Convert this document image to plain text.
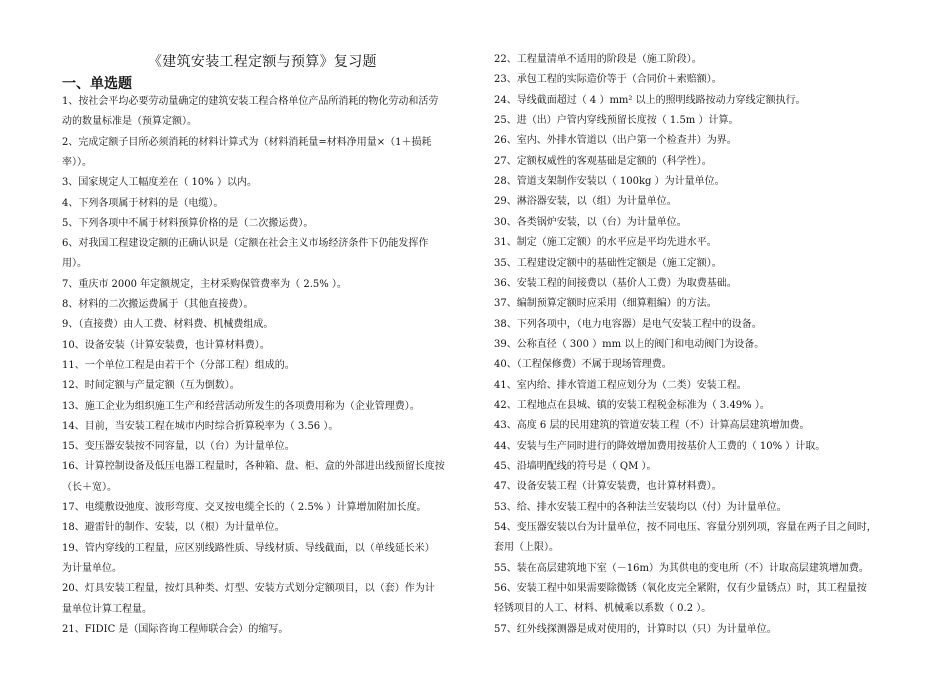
《建筑安装工程定额与预算》复习题
一、单选题
1、按社会平均必要劳动量确定的建筑安装工程合格单位产品所消耗的物化劳动和活劳
动的数量标准是（预算定额）。
2、完成定额子目所必须消耗的材料计算式为（材料消耗量=材料净用量×（1＋损耗
率））。
3、国家规定人工幅度差在（ 10% ）以内。
4、下列各项属于材料的是（电缆）。
5、下列各项中不属于材料预算价格的是（二次搬运费）。
6、对我国工程建设定额的正确认识是（定额在社会主义市场经济条件下仍能发挥作
用）。
7、重庆市 2000 年定额规定，主材采购保管费率为（ 2.5% ）。
8、材料的二次搬运费属于（其他直接费）。
9、（直接费）由人工费、材料费、机械费组成。
10、设备安装（计算安装费，也计算材料费）。
11、一个单位工程是由若干个（分部工程）组成的。
12、时间定额与产量定额（互为倒数）。
13、施工企业为组织施工生产和经营活动所发生的各项费用称为（企业管理费）。
14、目前，当安装工程在城市内时综合折算税率为（ 3.56 ）。
15、变压器安装按不同容量，以（台）为计量单位。
16、计算控制设备及低压电器工程量时，各种箱、盘、柜、盒的外部进出线预留长度按
（长＋宽）。
17、电缆敷设弛度、波形弯度、交叉按电缆全长的（ 2.5% ）计算增加附加长度。
18、避雷针的制作、安装，以（根）为计量单位。
19、管内穿线的工程量，应区别线路性质、导线材质、导线截面，以（单线延长米）
为计量单位。
20、灯具安装工程量，按灯具种类、灯型、安装方式划分定额项目，以（套）作为计
量单位计算工程量。
21、FIDIC 是（国际咨询工程师联合会）的缩写。
22、工程量清单不适用的阶段是（施工阶段）。
23、承包工程的实际造价等于（合同价＋索赔额）。
24、导线截面超过（ 4 ）mm² 以上的照明线路按动力穿线定额执行。
25、进（出）户管内穿线预留长度按（ 1.5m ）计算。
26、室内、外排水管道以（出户第一个检查井）为界。
27、定额权威性的客观基础是定额的（科学性）。
28、管道支架制作安装以（ 100kg ）为计量单位。
29、淋浴器安装，以（组）为计量单位。
30、各类锅炉安装，以（台）为计量单位。
31、制定（施工定额）的水平应是平均先进水平。
35、工程建设定额中的基础性定额是（施工定额）。
36、安装工程的间接费以（基价人工费）为取费基础。
37、编制预算定额时应采用（细算粗编）的方法。
38、下列各项中，（电力电容器）是电气安装工程中的设备。
39、公称直径（ 300 ）mm 以上的阀门和电动阀门为设备。
40、（工程保修费）不属于现场管理费。
41、室内给、排水管道工程应划分为（二类）安装工程。
42、工程地点在县城、镇的安装工程税金标准为（ 3.49% ）。
43、高度 6 层的民用建筑的管道安装工程（不）计算高层建筑增加费。
44、安装与生产同时进行的降效增加费用按基价人工费的（ 10% ）计取。
45、沿墙明配线的符号是（ QM ）。
47、设备安装工程（计算安装费，也计算材料费）。
53、给、排水安装工程中的各种法兰安装均以（付）为计量单位。
54、变压器安装以台为计量单位，按不同电压、容量分别列项，容量在两子目之间时，
套用（上限）。
55、装在高层建筑地下室（－16m）为其供电的变电所（不）计取高层建筑增加费。
56、安装工程中如果需要除微锈（氧化皮完全紧附，仅有少量锈点）时，其工程量按
轻锈项目的人工、材料、机械乘以系数（ 0.2 ）。
57、红外线探测器是成对使用的，计算时以（只）为计量单位。
